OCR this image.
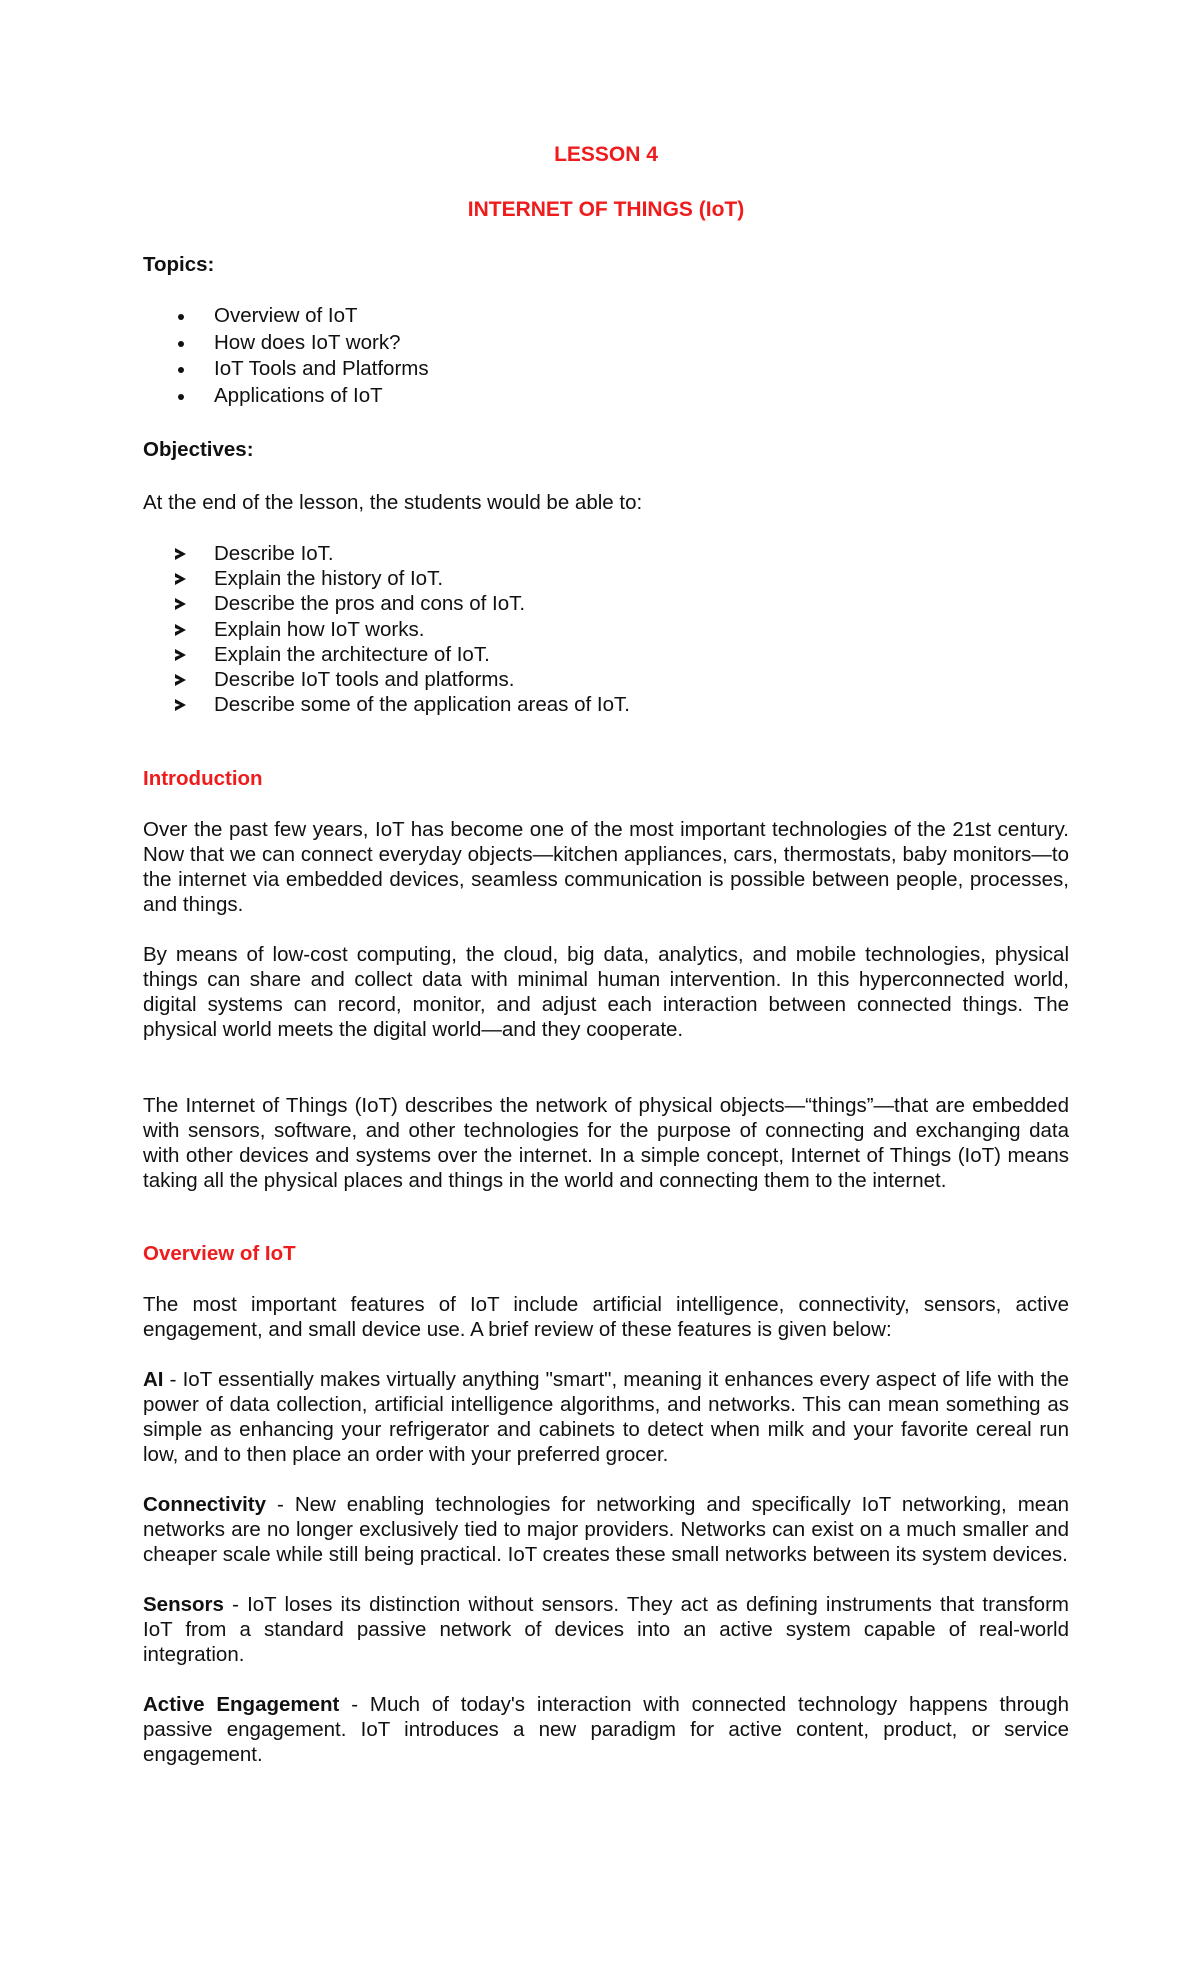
LESSON 4

INTERNET OF THINGS (IoT)

Topics:

Overview of IoT
How does IoT work?
IoT Tools and Platforms
Applications of IoT

Objectives:

At the end of the lesson, the students would be able to:

Describe IoT.
Explain the history of IoT.
Describe the pros and cons of IoT.
Explain how IoT works.
Explain the architecture of IoT.
Describe IoT tools and platforms.
Describe some of the application areas of IoT.

Introduction

Over the past few years, IoT has become one of the most important technologies of the 21st century. Now that we can connect everyday objects—kitchen appliances, cars, thermostats, baby monitors—to the internet via embedded devices, seamless communication is possible between people, processes, and things.

By means of low-cost computing, the cloud, big data, analytics, and mobile technologies, physical things can share and collect data with minimal human intervention. In this hyperconnected world, digital systems can record, monitor, and adjust each interaction between connected things. The physical world meets the digital world—and they cooperate.

The Internet of Things (IoT) describes the network of physical objects—“things”—that are embedded with sensors, software, and other technologies for the purpose of connecting and exchanging data with other devices and systems over the internet. In a simple concept, Internet of Things (IoT) means taking all the physical places and things in the world and connecting them to the internet.

Overview of IoT

The most important features of IoT include artificial intelligence, connectivity, sensors, active engagement, and small device use. A brief review of these features is given below:

AI - IoT essentially makes virtually anything "smart", meaning it enhances every aspect of life with the power of data collection, artificial intelligence algorithms, and networks. This can mean something as simple as enhancing your refrigerator and cabinets to detect when milk and your favorite cereal run low, and to then place an order with your preferred grocer.

Connectivity - New enabling technologies for networking and specifically IoT networking, mean networks are no longer exclusively tied to major providers. Networks can exist on a much smaller and cheaper scale while still being practical. IoT creates these small networks between its system devices.

Sensors - IoT loses its distinction without sensors. They act as defining instruments that transform IoT from a standard passive network of devices into an active system capable of real-world integration.

Active Engagement - Much of today's interaction with connected technology happens through passive engagement. IoT introduces a new paradigm for active content, product, or service engagement.
